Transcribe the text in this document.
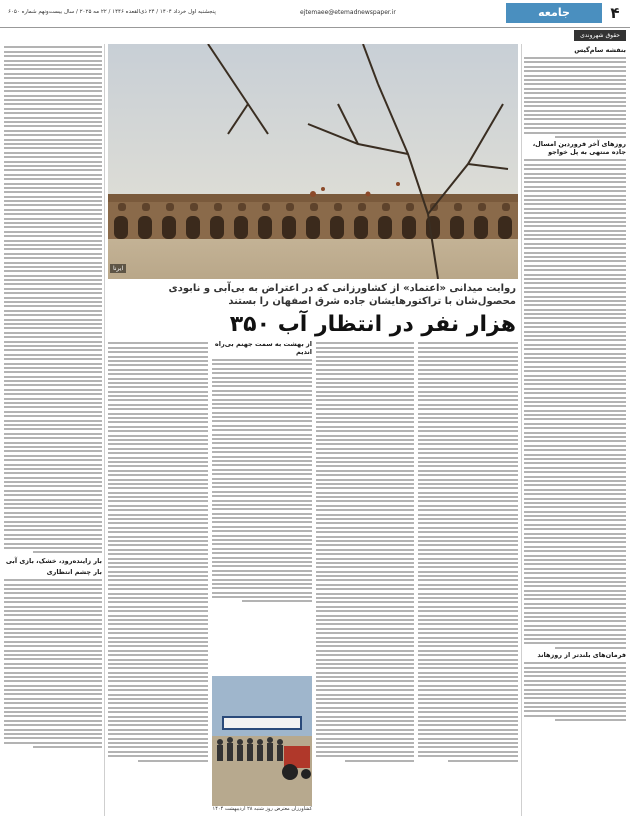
۴
جامعه
ejtemaee@etemadnewspaper.ir
پنجشنبه اول خرداد ۱۴۰۴ / ۲۴ ذی‌القعده ۱۴۴۶ / ۲۲ مه ۲۰۲۵ / سال بیست‌ونهم شماره ۶۰۵۰
حقوق شهروندی
بنفشه سام‌گیس
روزهای آخر فروردین امسال، جاده منتهی به پل خواجو
فرمان‌های بلندتر از روزهاند
ایرنا
روایت میدانی «اعتماد» از کشاورزانی که در اعتراض به بی‌آبی و نابودی محصول‌شان با تراکتورهایشان جاده شرق اصفهان را بستند
۳۵۰ هزار نفر در انتظار آب
بار زاینده‌رود، خشک، بازی آبی
بار چشم انتظاری
از بهشت به سمت جهنم بی‌راه اندیم
کشاورزان معترض روز شنبه ۲۸ اردیبهشت ۱۴۰۴
